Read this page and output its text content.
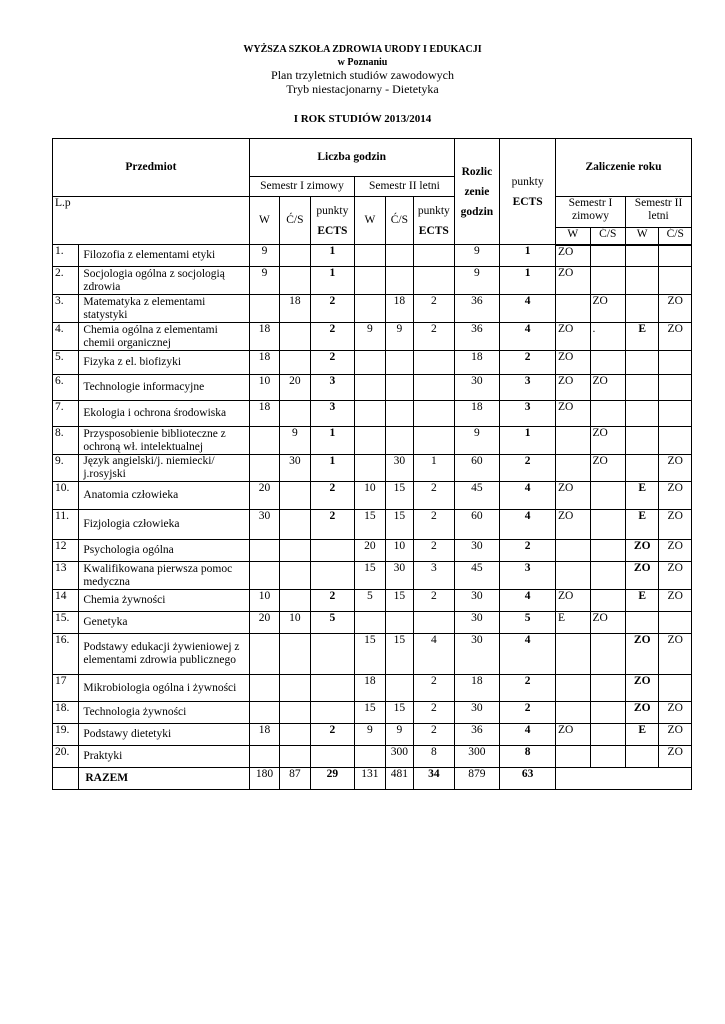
WYŻSZA SZKOŁA ZDROWIA URODY I EDUKACJI
w Poznaniu
Plan trzyletnich studiów zawodowych
Tryb niestacjonarny - Dietetyka
I ROK STUDIÓW 2013/2014
Przedmiot		Liczba godzin						Rozlic
zenie
godzin	punkty
ECTS	Zaliczenie roku			
		Semestr I zimowy			Semestr II letni								
L.p		W	Ć/S	punkty
ECTS	W	Ć/S	punkty
ECTS			Semestr I zimowy		Semestr II letni	
										W	Ć/S	W	Ć/S
1.	Filozofia z elementami etyki	9		1				9	1	ZO			
2.	Socjologia ogólna z socjologią zdrowia	9		1				9	1	ZO			
3.	Matematyka z elementami statystyki		18	2		18	2	36	4		ZO		ZO
4.	Chemia ogólna z elementami chemii organicznej	18		2	9	9	2	36	4	ZO	.	E	ZO
5.	Fizyka z el. biofizyki	18		2				18	2	ZO			
6.	Technologie informacyjne	10	20	3				30	3	ZO	ZO		
7.	Ekologia i ochrona środowiska	18		3				18	3	ZO			
8.	Przysposobienie biblioteczne z ochroną wł. intelektualnej		9	1				9	1		ZO		
9.	Język angielski/j. niemiecki/ j.rosyjski		30	1		30	1	60	2		ZO		ZO
10.	Anatomia człowieka	20		2	10	15	2	45	4	ZO		E	ZO
11.	Fizjologia człowieka	30		2	15	15	2	60	4	ZO		E	ZO
12	Psychologia ogólna				20	10	2	30	2			ZO	ZO
13	Kwalifikowana pierwsza pomoc medyczna				15	30	3	45	3			ZO	ZO
14	Chemia żywności	10		2	5	15	2	30	4	ZO		E	ZO
15.	Genetyka	20	10	5				30	5	E	ZO		
16.	Podstawy edukacji żywieniowej z elementami zdrowia publicznego				15	15	4	30	4			ZO	ZO
17	Mikrobiologia ogólna i żywności				18		2	18	2			ZO	
18.	Technologia żywności				15	15	2	30	2			ZO	ZO
19.	Podstawy dietetyki	18		2	9	9	2	36	4	ZO		E	ZO
20.	Praktyki					300	8	300	8				ZO
	RAZEM	180	87	29	131	481	34	879	63				
